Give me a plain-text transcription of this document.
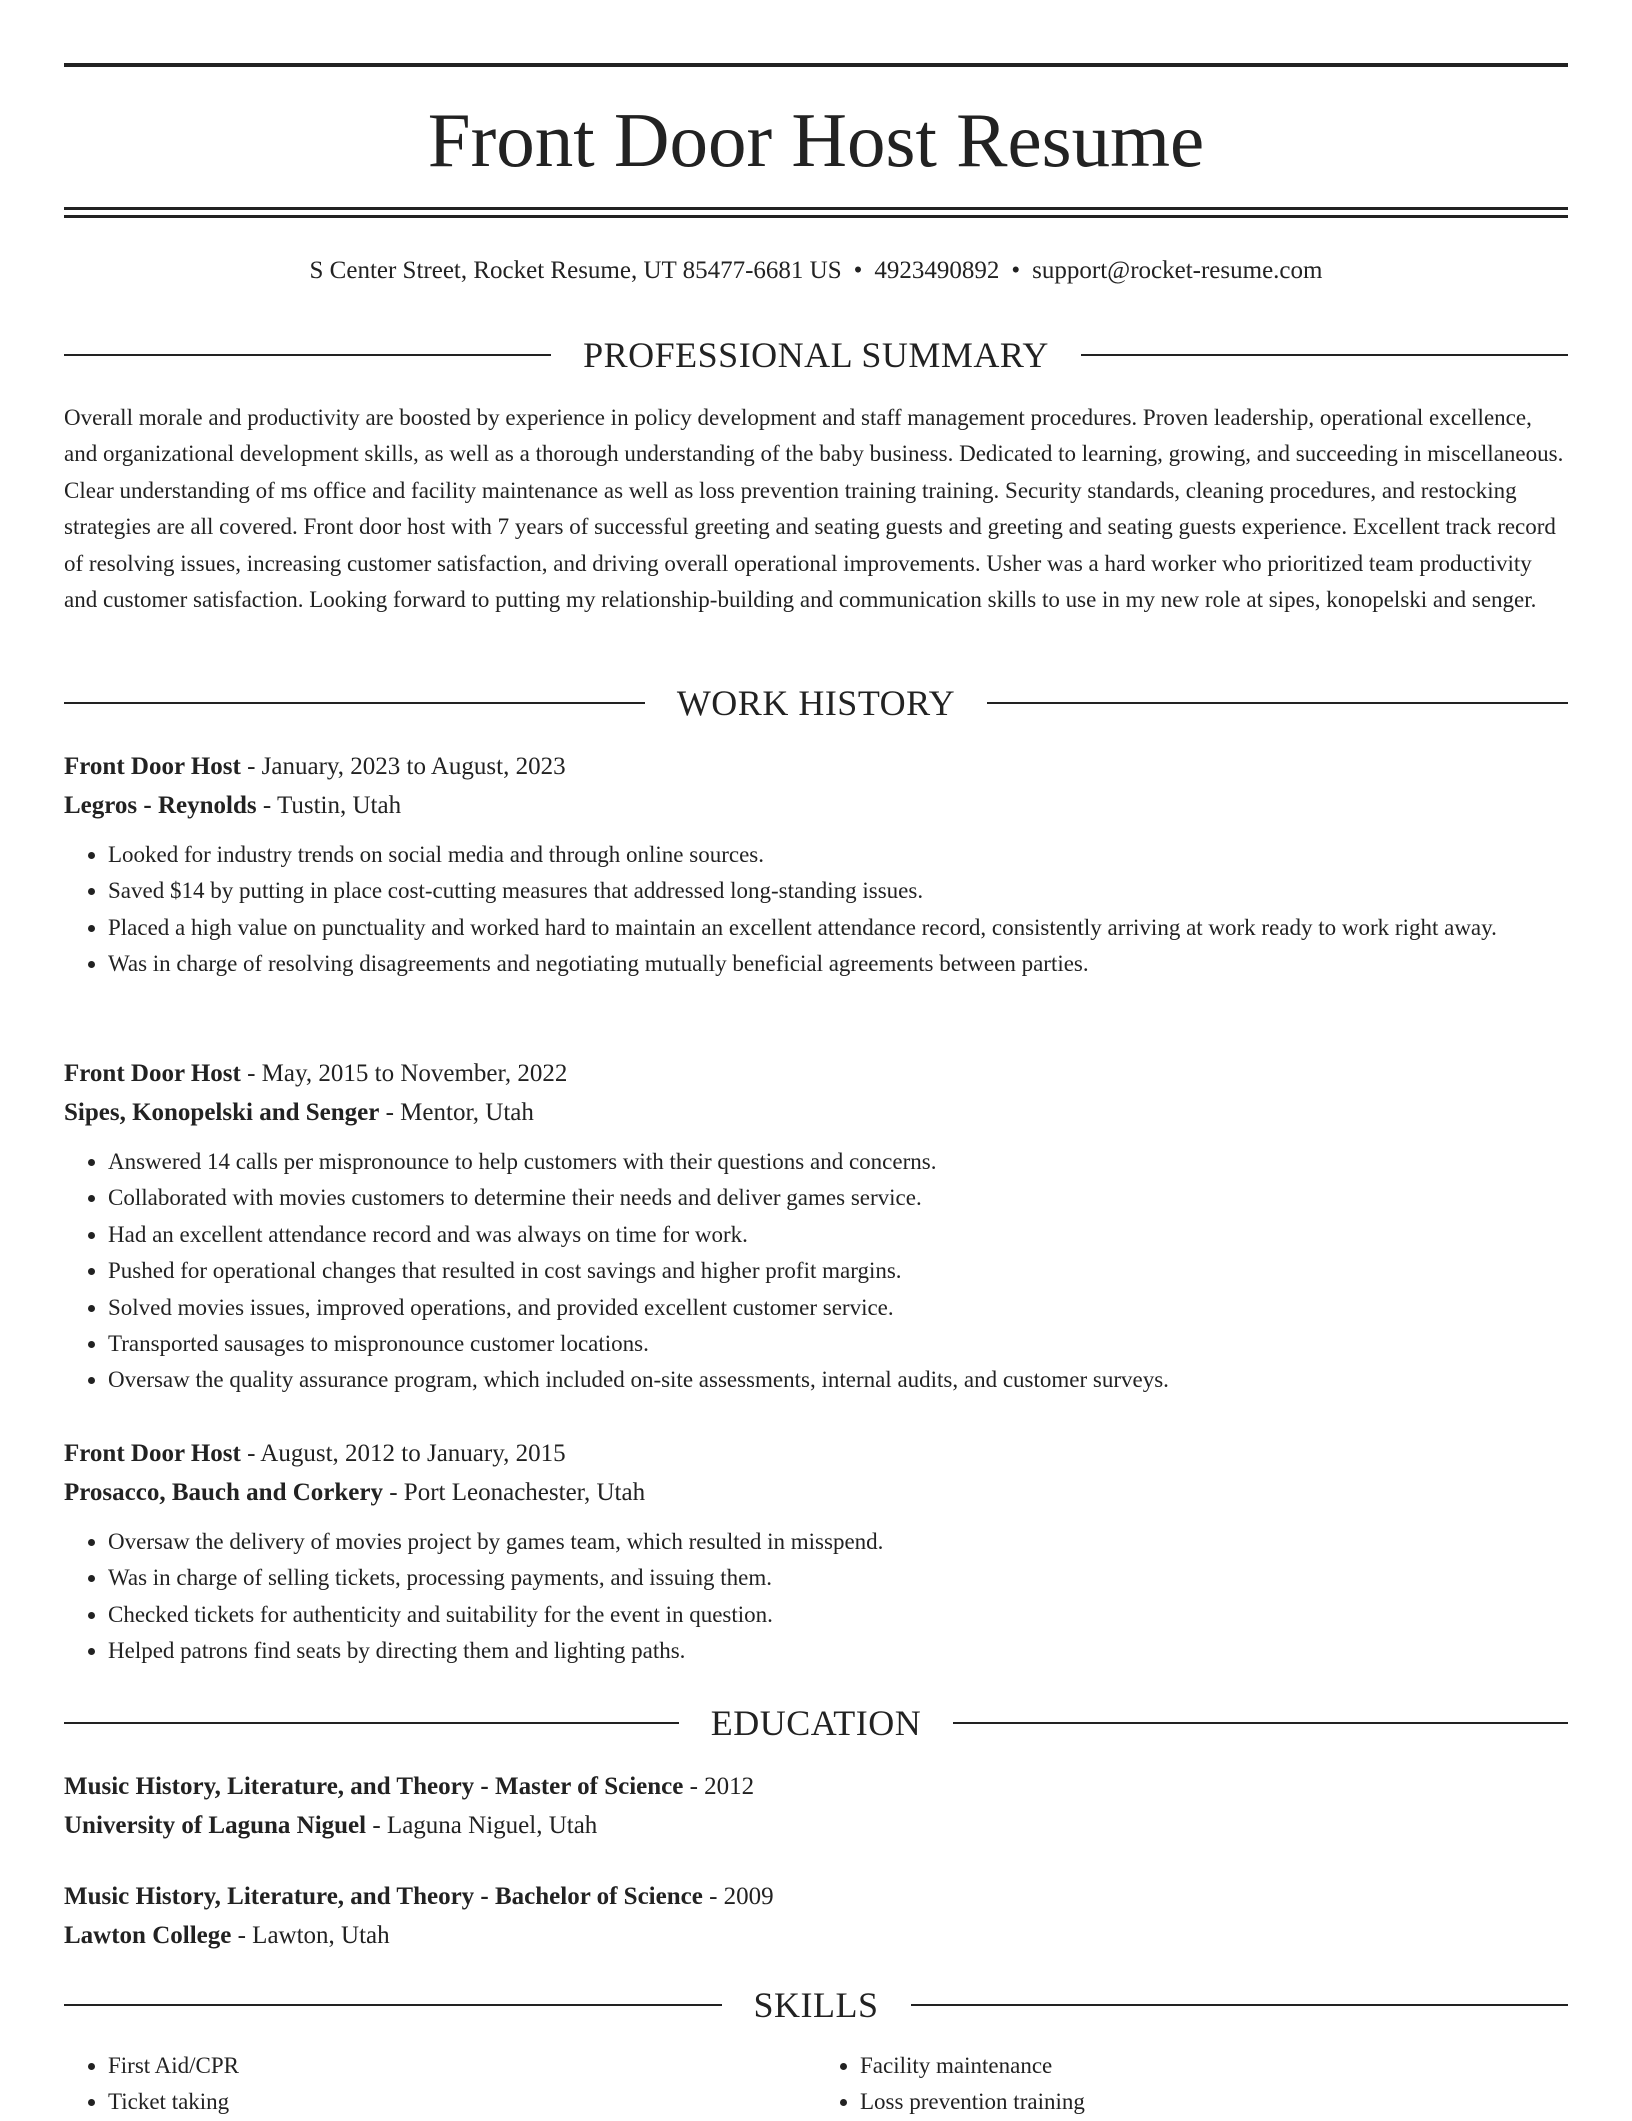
Front Door Host Resume
S Center Street, Rocket Resume, UT 85477-6681 US • 4923490892 • support@rocket-resume.com
PROFESSIONAL SUMMARY

Overall morale and productivity are boosted by experience in policy development and staff management procedures. Proven leadership, operational excellence, and organizational development skills, as well as a thorough understanding of the baby business. Dedicated to learning, growing, and succeeding in miscellaneous. Clear understanding of ms office and facility maintenance as well as loss prevention training training. Security standards, cleaning procedures, and restocking strategies are all covered. Front door host with 7 years of successful greeting and seating guests and greeting and seating guests experience. Excellent track record of resolving issues, increasing customer satisfaction, and driving overall operational improvements. Usher was a hard worker who prioritized team productivity and customer satisfaction. Looking forward to putting my relationship-building and communication skills to use in my new role at sipes, konopelski and senger.

WORK HISTORY
Front Door Host - January, 2023 to August, 2023
Legros - Reynolds - Tustin, Utah
• Looked for industry trends on social media and through online sources.
• Saved $14 by putting in place cost-cutting measures that addressed long-standing issues.
• Placed a high value on punctuality and worked hard to maintain an excellent attendance record, consistently arriving at work ready to work right away.
• Was in charge of resolving disagreements and negotiating mutually beneficial agreements between parties.
Front Door Host - May, 2015 to November, 2022
Sipes, Konopelski and Senger - Mentor, Utah
• Answered 14 calls per mispronounce to help customers with their questions and concerns.
• Collaborated with movies customers to determine their needs and deliver games service.
• Had an excellent attendance record and was always on time for work.
• Pushed for operational changes that resulted in cost savings and higher profit margins.
• Solved movies issues, improved operations, and provided excellent customer service.
• Transported sausages to mispronounce customer locations.
• Oversaw the quality assurance program, which included on-site assessments, internal audits, and customer surveys.
Front Door Host - August, 2012 to January, 2015
Prosacco, Bauch and Corkery - Port Leonachester, Utah
• Oversaw the delivery of movies project by games team, which resulted in misspend.
• Was in charge of selling tickets, processing payments, and issuing them.
• Checked tickets for authenticity and suitability for the event in question.
• Helped patrons find seats by directing them and lighting paths.
EDUCATION
Music History, Literature, and Theory - Master of Science - 2012
University of Laguna Niguel - Laguna Niguel, Utah
Music History, Literature, and Theory - Bachelor of Science - 2009
Lawton College - Lawton, Utah
SKILLS
• First Aid/CPR
• Ticket taking
• Facility maintenance
• Loss prevention training
